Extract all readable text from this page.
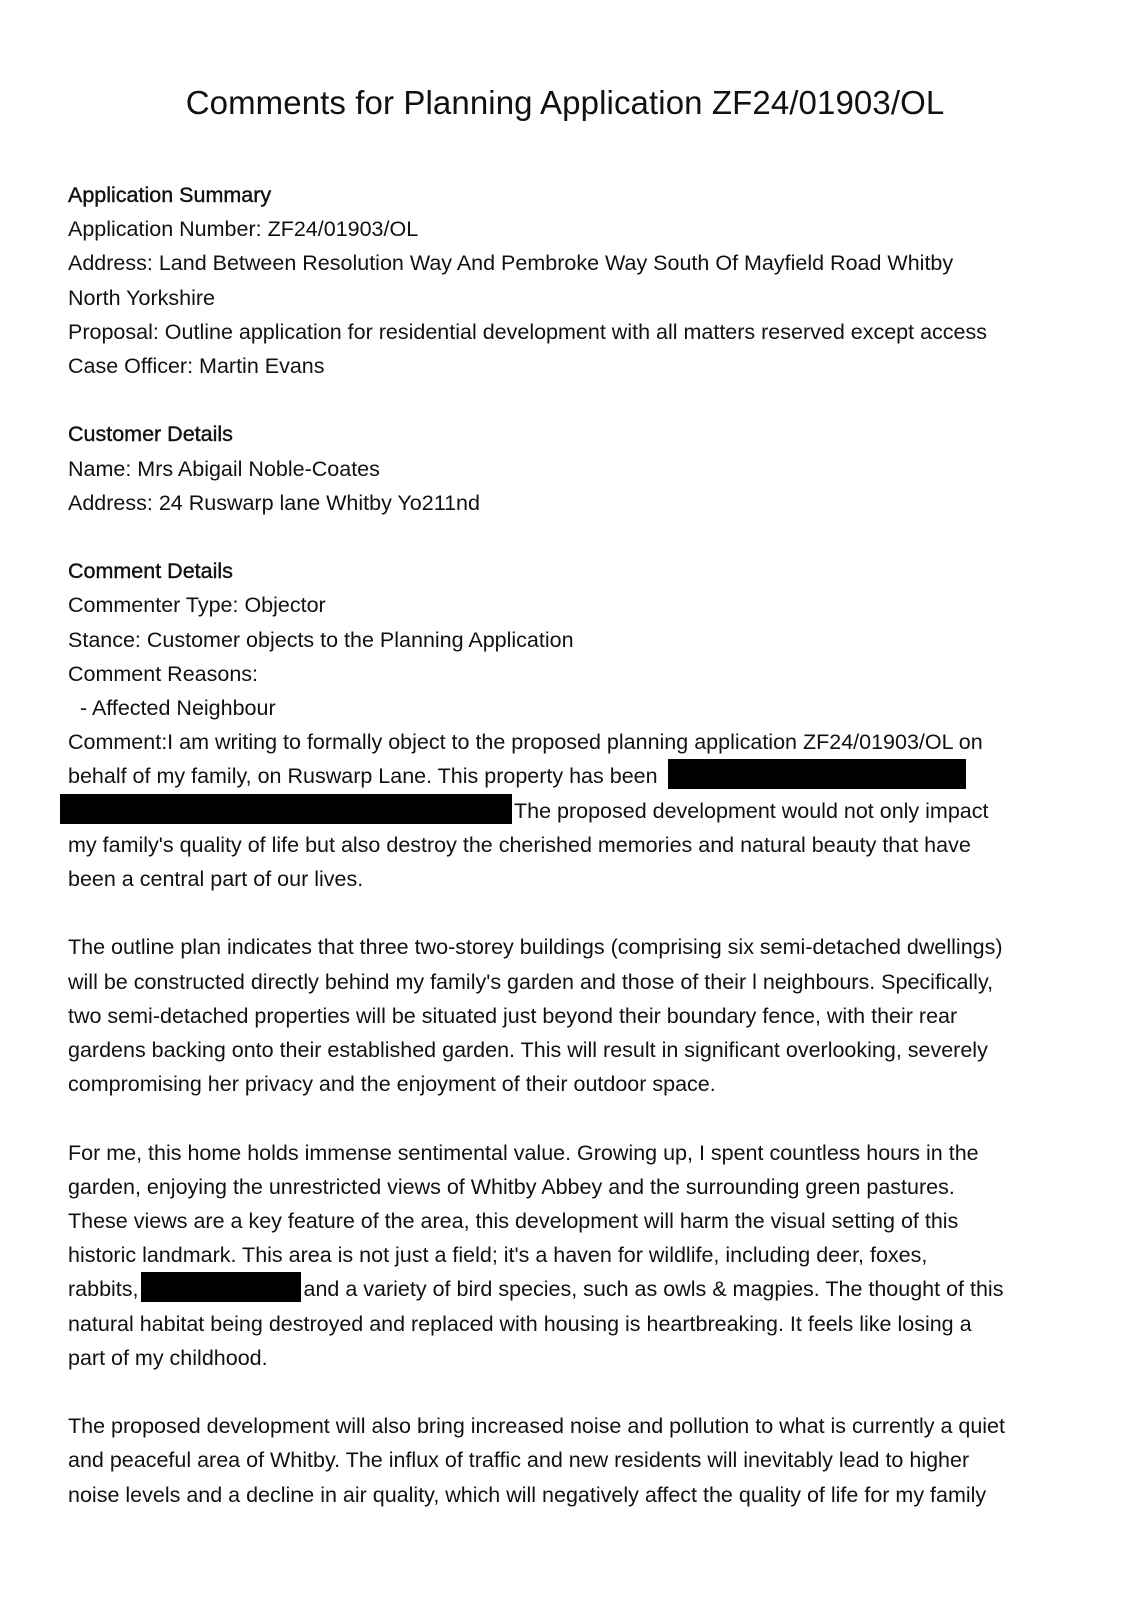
Comments for Planning Application ZF24/01903/OL
Application Summary
Application Number: ZF24/01903/OL
Address: Land Between Resolution Way And Pembroke Way South Of Mayfield Road Whitby
North Yorkshire
Proposal: Outline application for residential development with all matters reserved except access
Case Officer: Martin Evans
Customer Details
Name: Mrs Abigail Noble-Coates
Address: 24 Ruswarp lane Whitby Yo211nd
Comment Details
Commenter Type: Objector
Stance: Customer objects to the Planning Application
Comment Reasons:
- Affected Neighbour
Comment:I am writing to formally object to the proposed planning application ZF24/01903/OL on
behalf of my family, on Ruswarp Lane. This property has been
The proposed development would not only impact
my family's quality of life but also destroy the cherished memories and natural beauty that have
been a central part of our lives.
The outline plan indicates that three two-storey buildings (comprising six semi-detached dwellings)
will be constructed directly behind my family's garden and those of their l neighbours. Specifically,
two semi-detached properties will be situated just beyond their boundary fence, with their rear
gardens backing onto their established garden. This will result in significant overlooking, severely
compromising her privacy and the enjoyment of their outdoor space.
For me, this home holds immense sentimental value. Growing up, I spent countless hours in the
garden, enjoying the unrestricted views of Whitby Abbey and the surrounding green pastures.
These views are a key feature of the area, this development will harm the visual setting of this
historic landmark. This area is not just a field; it's a haven for wildlife, including deer, foxes,
rabbits,	and a variety of bird species, such as owls & magpies. The thought of this
natural habitat being destroyed and replaced with housing is heartbreaking. It feels like losing a
part of my childhood.
The proposed development will also bring increased noise and pollution to what is currently a quiet
and peaceful area of Whitby. The influx of traffic and new residents will inevitably lead to higher
noise levels and a decline in air quality, which will negatively affect the quality of life for my family
